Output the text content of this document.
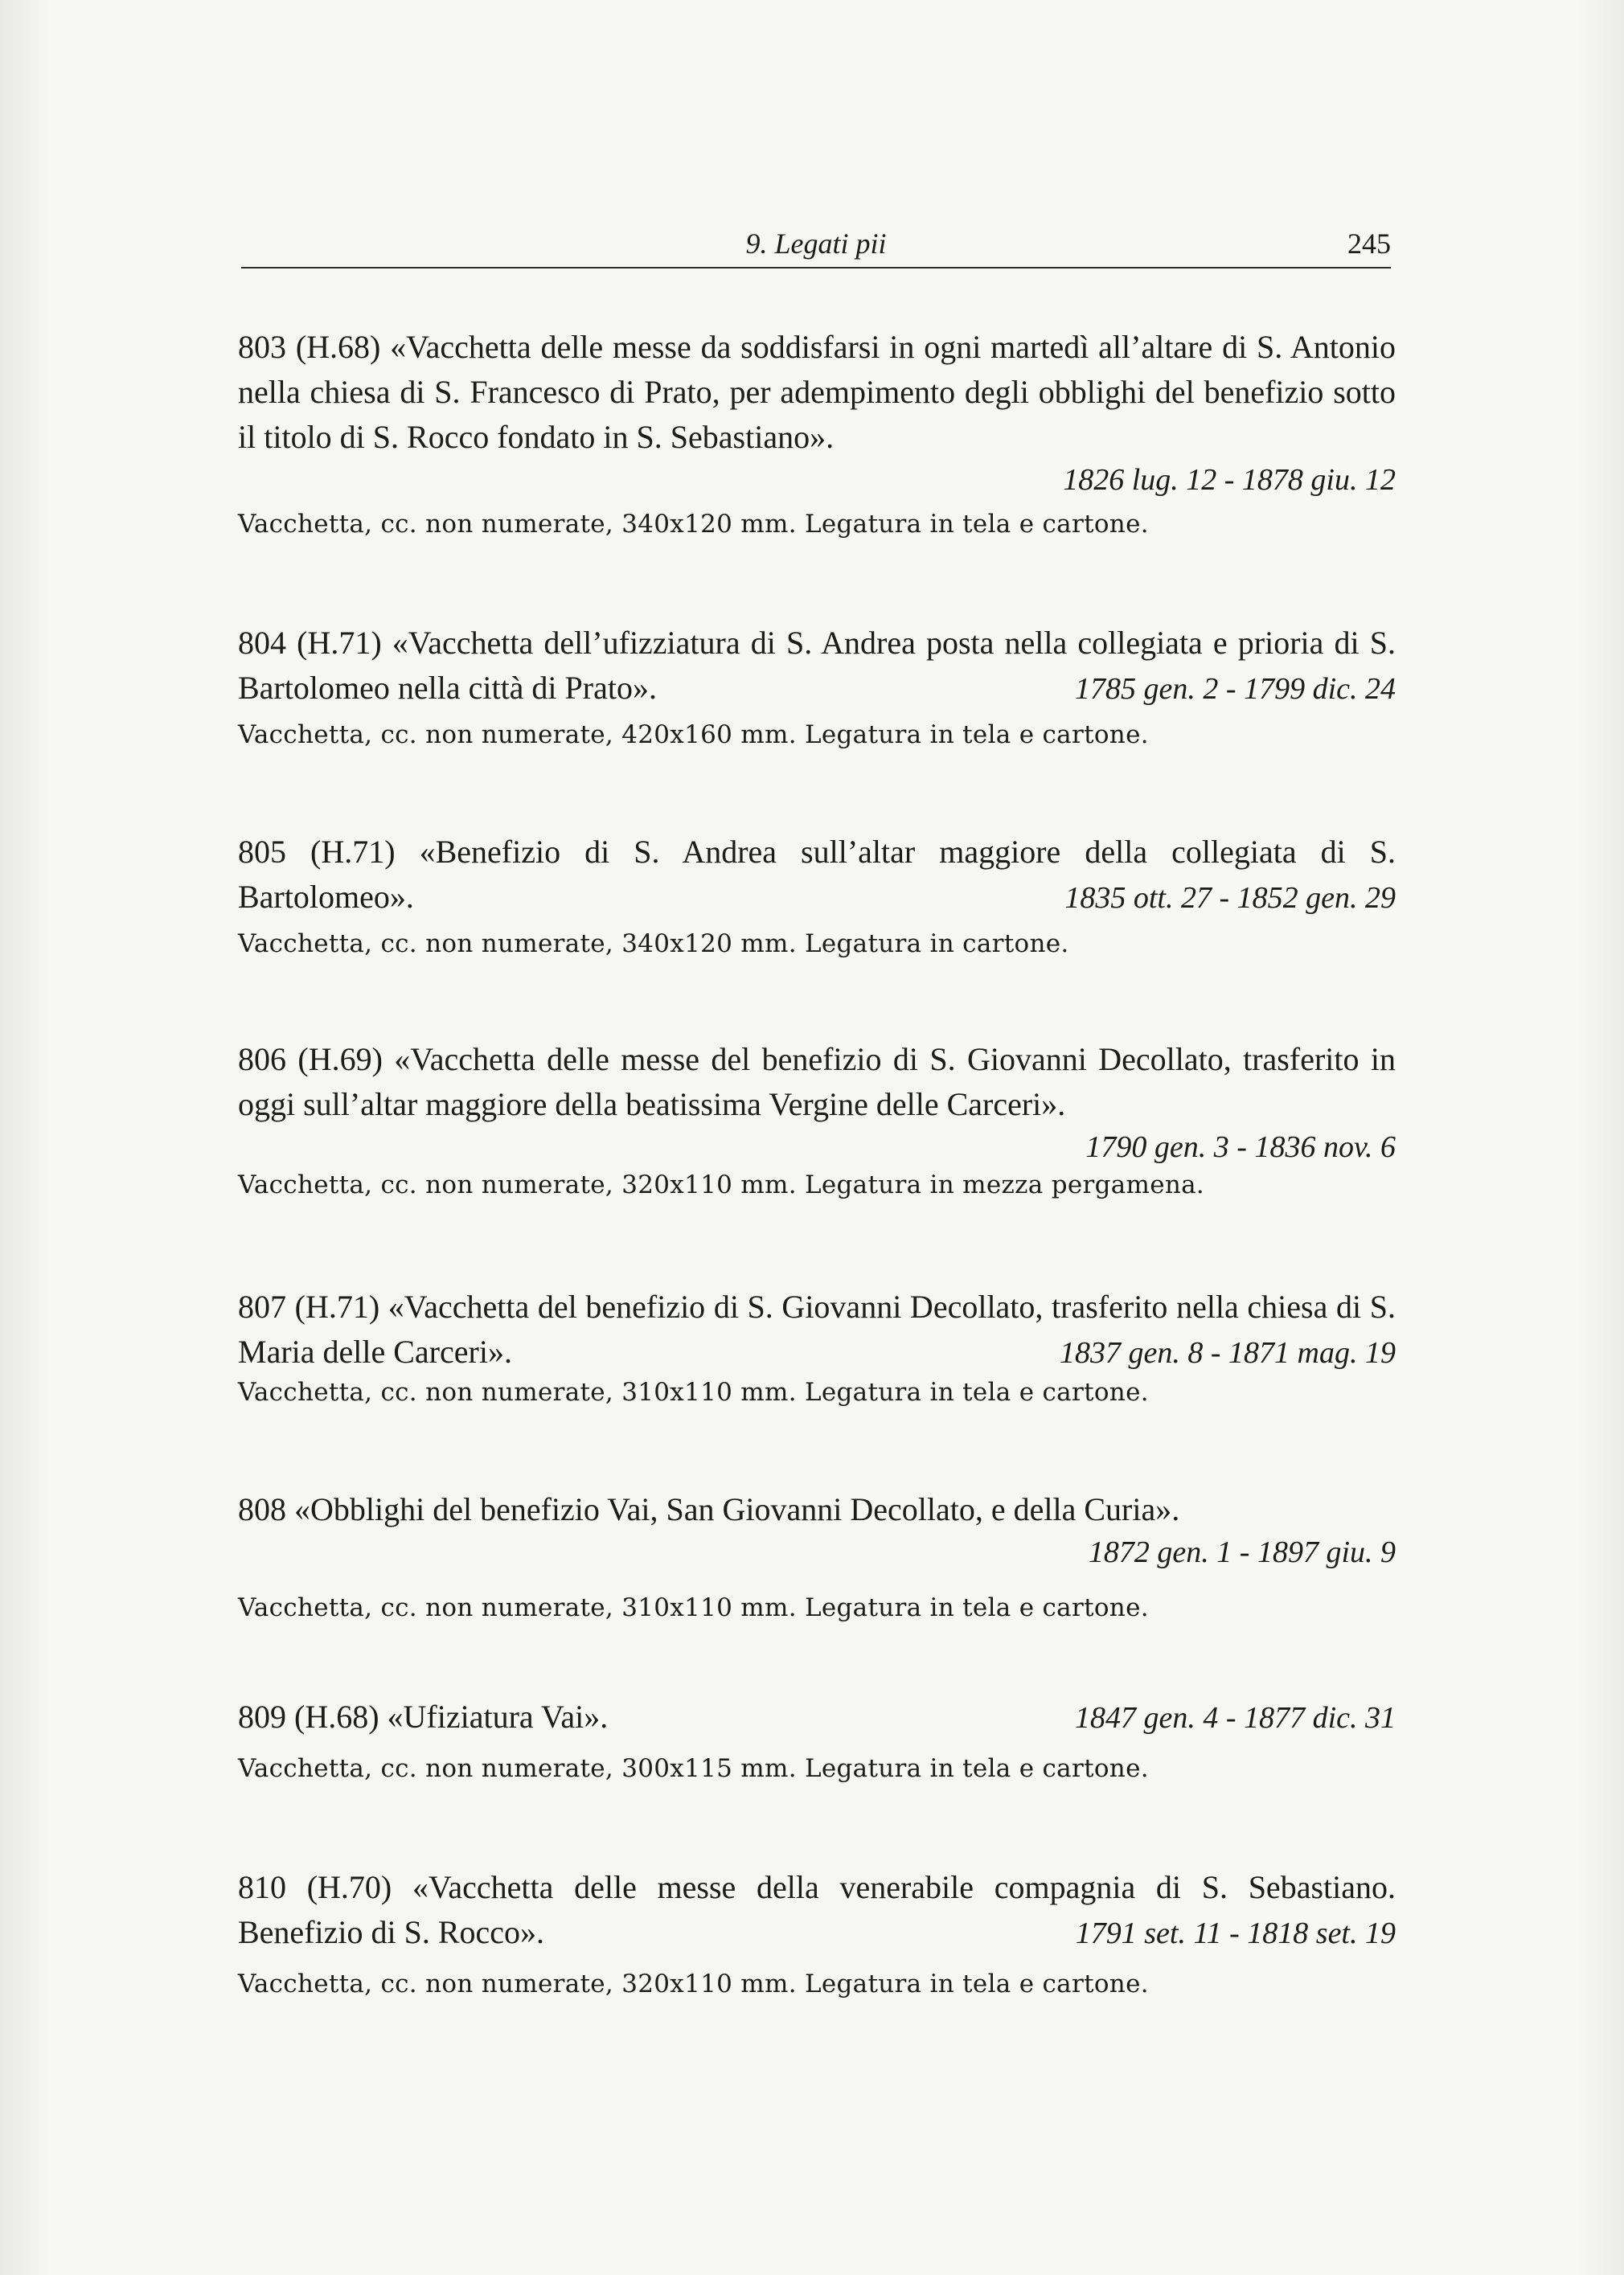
9. Legati pii	245
803 (H.68) «Vacchetta delle messe da soddisfarsi in ogni martedì all’altare di S. Antonio nella chiesa di S. Francesco di Prato, per adempimento degli obblighi del benefizio sotto il titolo di S. Rocco fondato in S. Sebastiano».
1826 lug. 12 - 1878 giu. 12
Vacchetta, cc. non numerate, 340x120 mm. Legatura in tela e cartone.
804 (H.71) «Vacchetta dell’ufizziatura di S. Andrea posta nella collegiata e prioria di S. Bartolomeo nella città di Prato».	1785 gen. 2 - 1799 dic. 24
Vacchetta, cc. non numerate, 420x160 mm. Legatura in tela e cartone.
805 (H.71) «Benefizio di S. Andrea sull’altar maggiore della collegiata di S. Bartolomeo».	1835 ott. 27 - 1852 gen. 29
Vacchetta, cc. non numerate, 340x120 mm. Legatura in cartone.
806 (H.69) «Vacchetta delle messe del benefizio di S. Giovanni Decollato, trasferito in oggi sull’altar maggiore della beatissima Vergine delle Carceri».
1790 gen. 3 - 1836 nov. 6
Vacchetta, cc. non numerate, 320x110 mm. Legatura in mezza pergamena.
807 (H.71) «Vacchetta del benefizio di S. Giovanni Decollato, trasferito nella chiesa di S. Maria delle Carceri».	1837 gen. 8 - 1871 mag. 19
Vacchetta, cc. non numerate, 310x110 mm. Legatura in tela e cartone.
808 «Obblighi del benefizio Vai, San Giovanni Decollato, e della Curia».
1872 gen. 1 - 1897 giu. 9
Vacchetta, cc. non numerate, 310x110 mm. Legatura in tela e cartone.
809 (H.68) «Ufiziatura Vai».	1847 gen. 4 - 1877 dic. 31
Vacchetta, cc. non numerate, 300x115 mm. Legatura in tela e cartone.
810 (H.70) «Vacchetta delle messe della venerabile compagnia di S. Sebastiano. Benefizio di S. Rocco».	1791 set. 11 - 1818 set. 19
Vacchetta, cc. non numerate, 320x110 mm. Legatura in tela e cartone.
